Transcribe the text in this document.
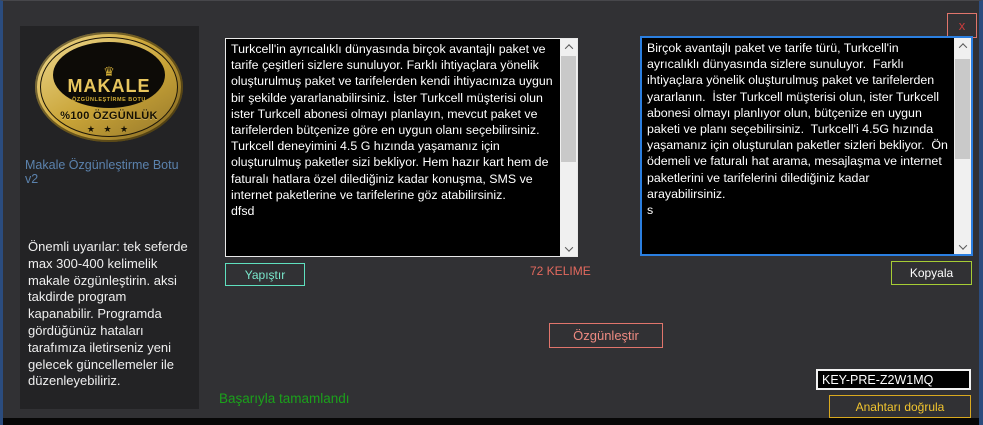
x
♛
MAKALE
ÖZGÜNLEŞTİRME BOTU
%100 ÖZGÜNLÜK
★ ★ ★
Makale Özgünleştirme Botu v2
Önemli uyarılar: tek seferde max 300-400 kelimelik makale özgünleştirin. aksi takdirde program kapanabilir. Programda gördüğünüz hataları tarafımıza iletirseniz yeni gelecek güncellemeler ile düzenleyebiliriz.
Turkcell'in ayrıcalıklı dünyasında birçok avantajlı paket ve tarife çeşitleri sizlere sunuluyor. Farklı ihtiyaçlara yönelik oluşturulmuş paket ve tarifelerden kendi ihtiyacınıza uygun bir şekilde yararlanabilirsiniz. İster Turkcell müşterisi olun ister Turkcell abonesi olmayı planlayın, mevcut paket ve tarifelerden bütçenize göre en uygun olanı seçebilirsiniz. Turkcell deneyimini 4.5 G hızında yaşamanız için oluşturulmuş paketler sizi bekliyor. Hem hazır kart hem de faturalı hatlara özel dilediğiniz kadar konuşma, SMS ve internet paketlerine ve tarifelerine göz atabilirsiniz. dfsd
Birçok avantajlı paket ve tarife türü, Turkcell'in ayrıcalıklı dünyasında sizlere sunuluyor. Farklı ihtiyaçlara yönelik oluşturulmuş paket ve tarifelerden yararlanın. İster Turkcell müşterisi olun, ister Turkcell abonesi olmayı planlıyor olun, bütçenize en uygun paketi ve planı seçebilirsiniz. Turkcell'i 4.5G hızında yaşamanız için oluşturulan paketler sizleri bekliyor. Ön ödemeli ve faturalı hat arama, mesajlaşma ve internet paketlerini ve tarifelerini dilediğiniz kadar arayabilirsiniz. s
Yapıştır	72 KELIME	Kopyala
Özgünleştir
Başarıyla tamamlandı
KEY-PRE-Z2W1MQ
Anahtarı doğrula
